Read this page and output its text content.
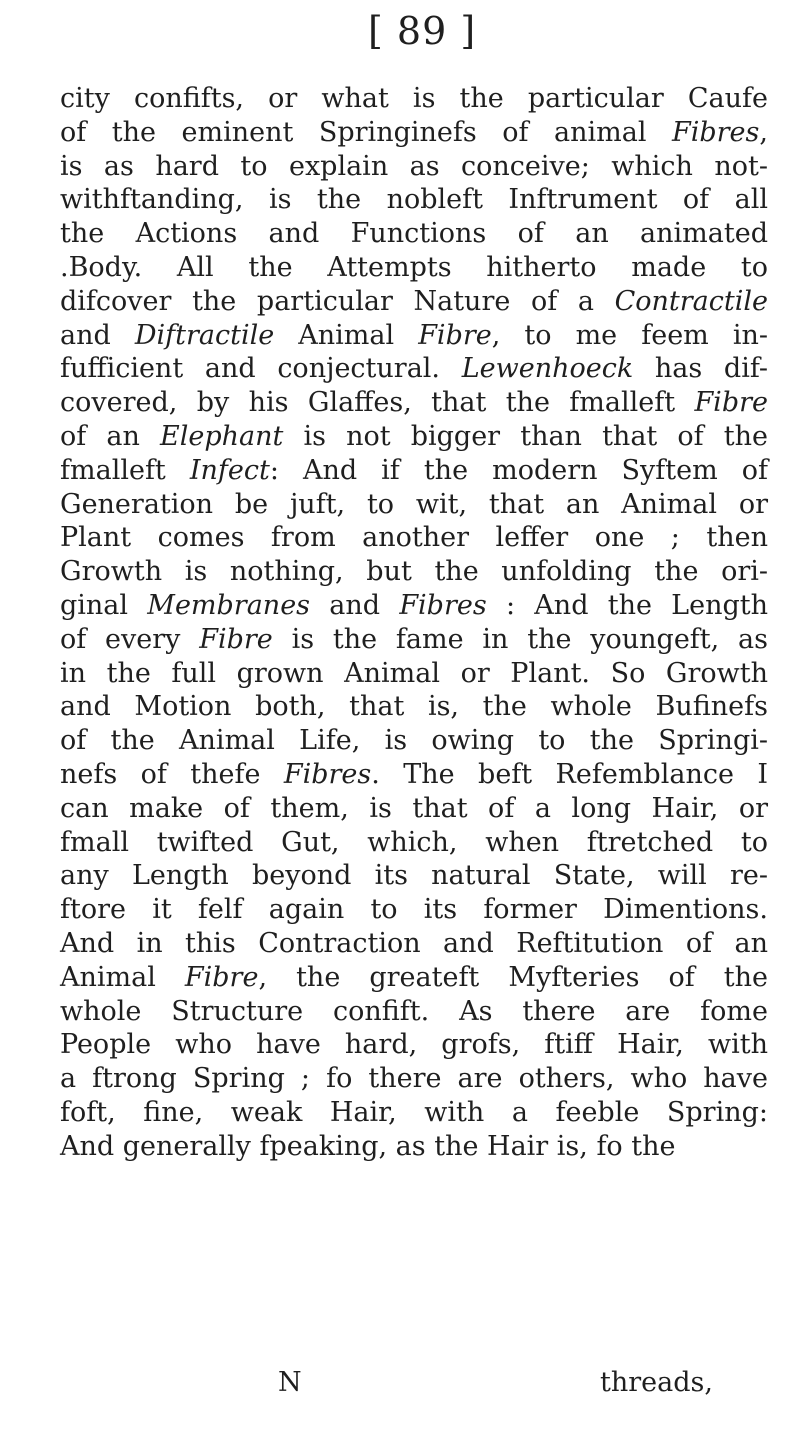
[ 89 ]
city confifts, or what is the particular Caufe
of the eminent Springinefs of animal Fibres,
is as hard to explain as conceive; which not-
withftanding, is the nobleft Inftrument of all
the Actions and Functions of an animated
.Body. All the Attempts hitherto made to
difcover the particular Nature of a Contractile
and Diftractile Animal Fibre, to me feem in-
fufficient and conjectural. Lewenhoeck has dif-
covered, by his Glaffes, that the fmalleft Fibre
of an Elephant is not bigger than that of the
fmalleft Infect: And if the modern Syftem of
Generation be juft, to wit, that an Animal or
Plant comes from another leffer one ; then
Growth is nothing, but the unfolding the ori-
ginal Membranes and Fibres : And the Length
of every Fibre is the fame in the youngeft, as
in the full grown Animal or Plant. So Growth
and Motion both, that is, the whole Bufinefs
of the Animal Life, is owing to the Springi-
nefs of thefe Fibres. The beft Refemblance I
can make of them, is that of a long Hair, or
fmall twifted Gut, which, when ftretched to
any Length beyond its natural State, will re-
ftore it felf again to its former Dimentions.
And in this Contraction and Reftitution of an
Animal Fibre, the greateft Myfteries of the
whole Structure confift. As there are fome
People who have hard, grofs, ftiff Hair, with
a ftrong Spring ; fo there are others, who have
foft, fine, weak Hair, with a feeble Spring:
And generally fpeaking, as the Hair is, fo the
N	threads,
